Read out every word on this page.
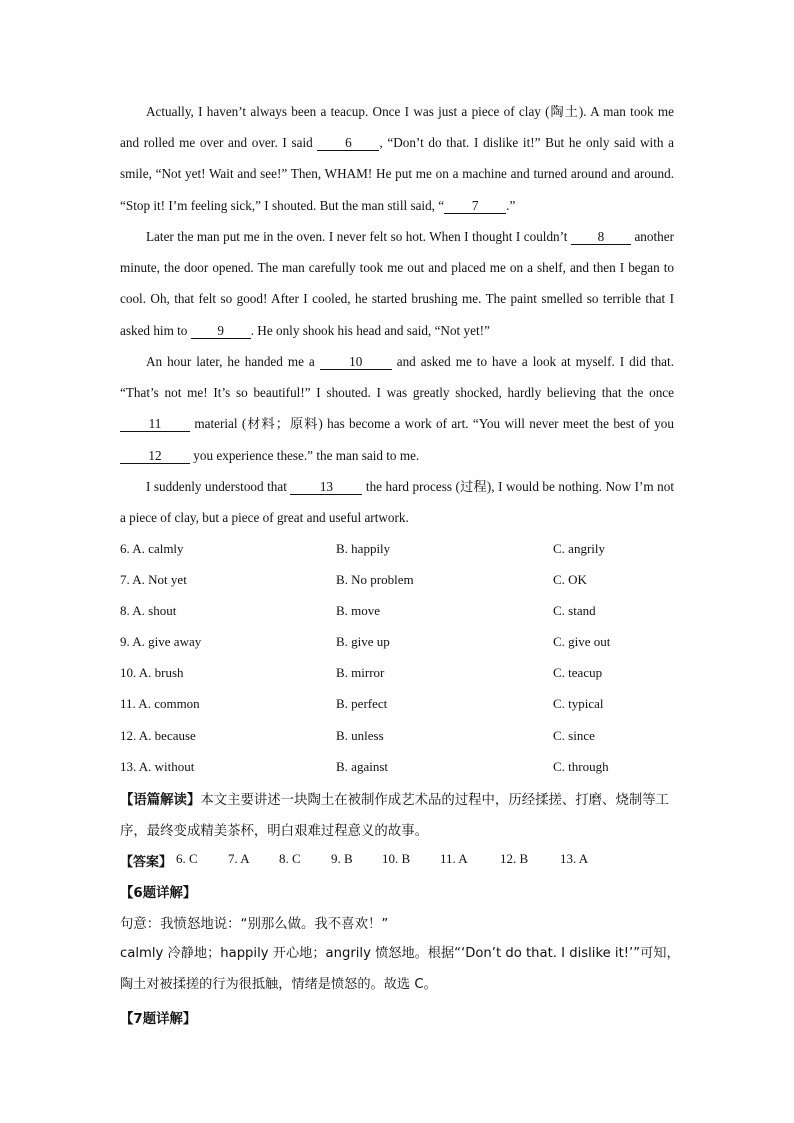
Actually, I haven’t always been a teacup. Once I was just a piece of clay (陶土). A man took me and rolled me over and over. I said 6 , “Don’t do that. I dislike it!” But he only said with a smile, “Not yet! Wait and see!” Then, WHAM! He put me on a machine and turned around and around. “Stop it! I’m feeling sick,” I shouted. But the man still said, “ 7 .”

Later the man put me in the oven. I never felt so hot. When I thought I couldn’t 8 another minute, the door opened. The man carefully took me out and placed me on a shelf, and then I began to cool. Oh, that felt so good! After I cooled, he started brushing me. The paint smelled so terrible that I asked him to 9 . He only shook his head and said, “Not yet!”

An hour later, he handed me a 10 and asked me to have a look at myself. I did that. “That’s not me! It’s so beautiful!” I shouted. I was greatly shocked, hardly believing that the once 11 material (材料；原料) has become a work of art. “You will never meet the best of you 12 you experience these.” the man said to me.

I suddenly understood that 13 the hard process (过程), I would be nothing. Now I’m not a piece of clay, but a piece of great and useful artwork.

6. A. calmly	B. happily	C. angrily
7. A. Not yet	B. No problem	C. OK
8. A. shout	B. move	C. stand
9. A. give away	B. give up	C. give out
10. A. brush	B. mirror	C. teacup
11. A. common	B. perfect	C. typical
12. A. because	B. unless	C. since
13. A. without	B. against	C. through

【语篇解读】本文主要讲述一块陶土在被制作成艺术品的过程中，历经揉搓、打磨、烧制等工序，最终变成精美茶杯，明白艰难过程意义的故事。

【答案】 6. C 7. A 8. C 9. B 10. B 11. A 12. B 13. A
【6题详解】
句意：我愤怒地说：“别那么做。我不喜欢！”

calmly 冷静地；happily 开心地；angrily 愤怒地。根据“‘Don’t do that. I dislike it!’”可知，陶土对被揉搓的行为很抵触，情绪是愤怒的。故选 C。

【7题详解】
